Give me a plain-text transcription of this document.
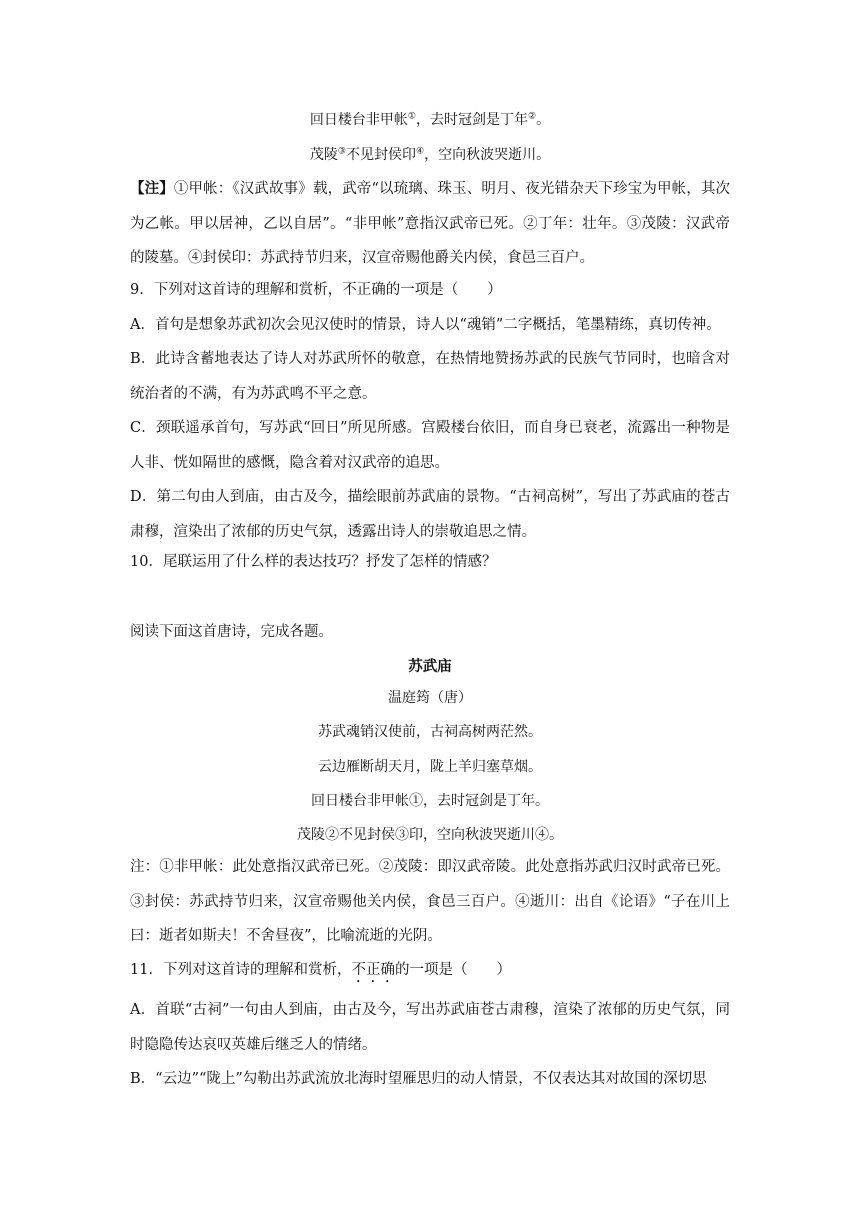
回日楼台非甲帐①，去时冠剑是丁年②。
茂陵③不见封侯印④，空向秋波哭逝川。
【注】①甲帐：《汉武故事》载，武帝“以琉璃、珠玉、明月、夜光错杂天下珍宝为甲帐，其次为乙帐。甲以居神，乙以自居”。“非甲帐”意指汉武帝已死。②丁年：壮年。③茂陵：汉武帝的陵墓。④封侯印：苏武持节归来，汉宣帝赐他爵关内侯，食邑三百户。
9．下列对这首诗的理解和赏析，不正确的一项是（　　）
A．首句是想象苏武初次会见汉使时的情景，诗人以“魂销”二字概括，笔墨精练，真切传神。
B．此诗含蓄地表达了诗人对苏武所怀的敬意，在热情地赞扬苏武的民族气节同时，也暗含对统治者的不满，有为苏武鸣不平之意。
C．颈联遥承首句，写苏武“回日”所见所感。宫殿楼台依旧，而自身已衰老，流露出一种物是人非、恍如隔世的感慨，隐含着对汉武帝的追思。
D．第二句由人到庙，由古及今，描绘眼前苏武庙的景物。“古祠高树”，写出了苏武庙的苍古肃穆，渲染出了浓郁的历史气氛，透露出诗人的崇敬追思之情。
10．尾联运用了什么样的表达技巧？抒发了怎样的情感？
阅读下面这首唐诗，完成各题。
苏武庙
温庭筠（唐）
苏武魂销汉使前，古祠高树两茫然。
云边雁断胡天月，陇上羊归塞草烟。
回日楼台非甲帐①，去时冠剑是丁年。
茂陵②不见封侯③印，空向秋波哭逝川④。
注：①非甲帐：此处意指汉武帝已死。②茂陵：即汉武帝陵。此处意指苏武归汉时武帝已死。③封侯：苏武持节归来，汉宣帝赐他关内侯，食邑三百户。④逝川：出自《论语》“子在川上曰：逝者如斯夫！不舍昼夜”，比喻流逝的光阴。
11．下列对这首诗的理解和赏析，不正确的一项是（　　）
A．首联“古祠”一句由人到庙，由古及今，写出苏武庙苍古肃穆，渲染了浓郁的历史气氛，同时隐隐传达哀叹英雄后继乏人的情绪。
B．“云边”“陇上”勾勒出苏武流放北海时望雁思归的动人情景，不仅表达其对故国的深切思
